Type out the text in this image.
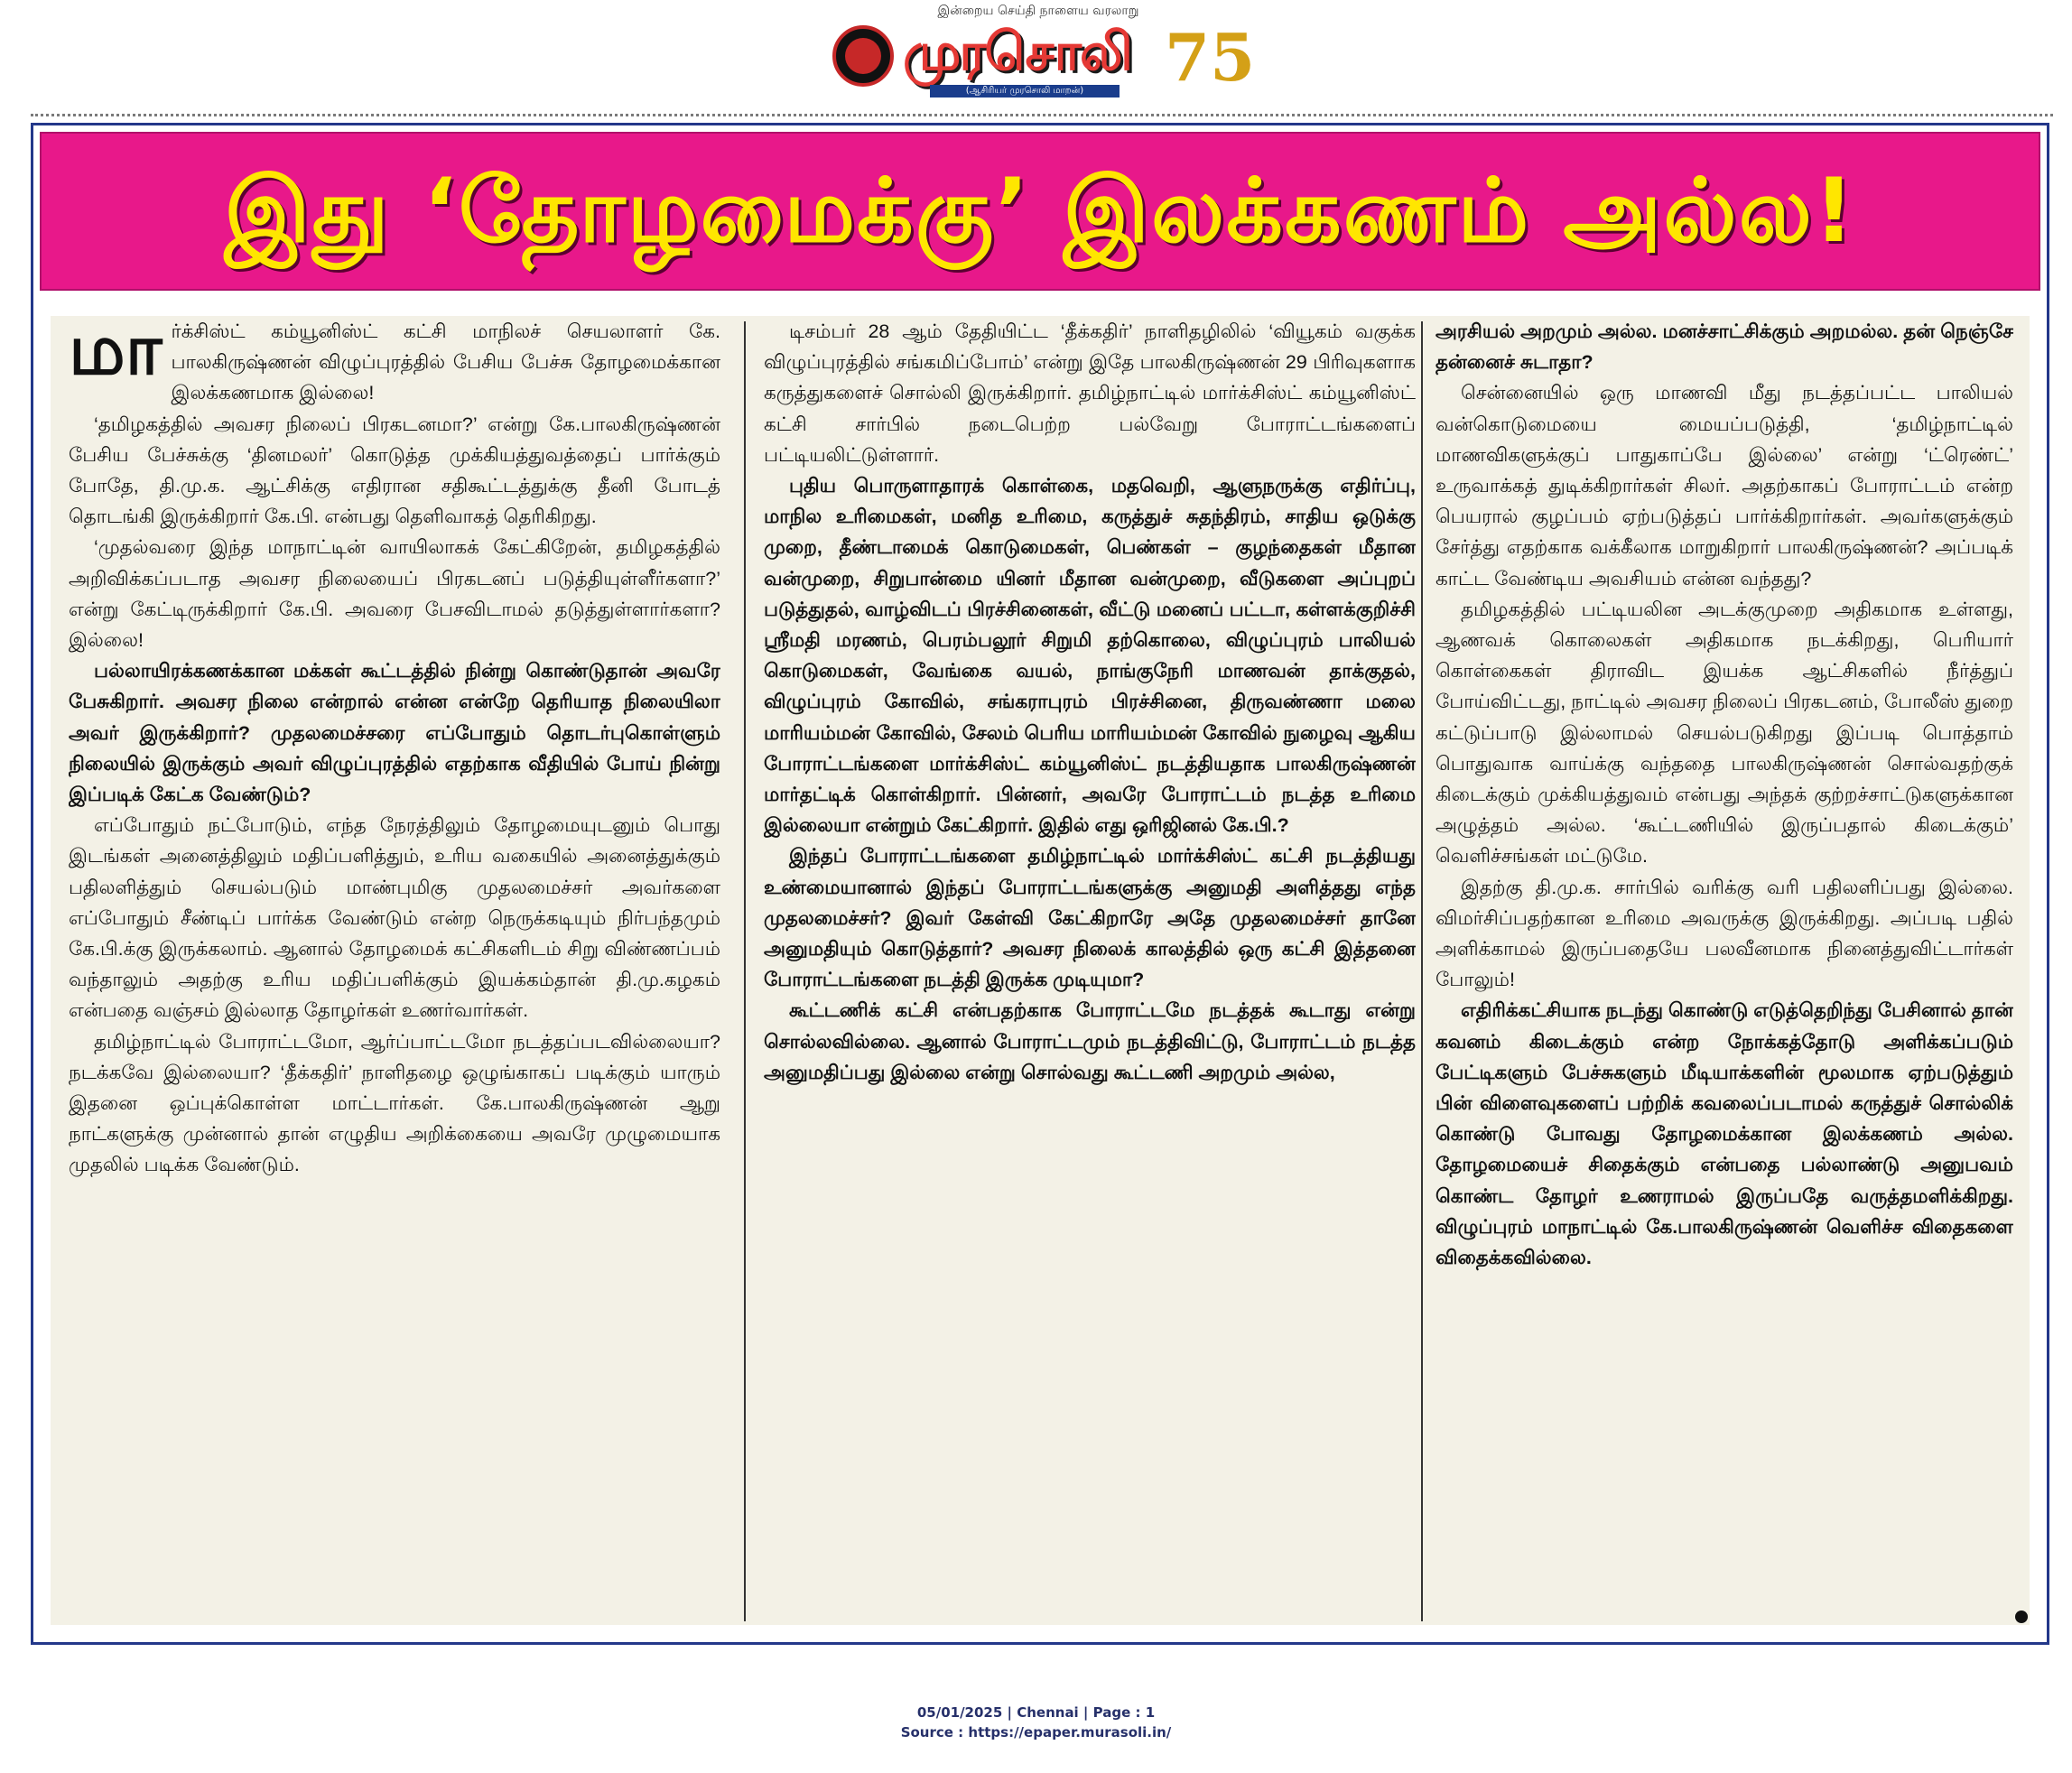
இன்றைய செய்தி நாளைய வரலாறு
முரசொலி
(ஆசிரியர் முரசொலி மாறன்)	75
இது ‘தோழமைக்கு’ இலக்கணம் அல்ல!

மார்க்சிஸ்ட் கம்யூனிஸ்ட் கட்சி மாநிலச் செயலாளர் கே. பாலகிருஷ்ணன் விழுப்புரத்தில் பேசிய பேச்சு தோழமைக்கான இலக்கணமாக இல்லை!

‘தமிழகத்தில் அவசர நிலைப் பிரகடனமா?’ என்று கே.பாலகிருஷ்ணன் பேசிய பேச்சுக்கு ‘தினமலர்’ கொடுத்த முக்கியத்துவத்தைப் பார்க்கும் போதே, தி.மு.க. ஆட்சிக்கு எதிரான சதிகூட்டத்துக்கு தீனி போடத் தொடங்கி இருக்கிறார் கே.பி. என்பது தெளிவாகத் தெரிகிறது.

‘முதல்வரை இந்த மாநாட்டின் வாயிலாகக் கேட்கிறேன், தமிழகத்தில் அறிவிக்கப்படாத அவசர நிலையைப் பிரகடனப் படுத்தியுள்ளீர்களா?’ என்று கேட்டிருக்கிறார் கே.பி. அவரை பேசவிடாமல் தடுத்துள்ளார்களா? இல்லை!

பல்லாயிரக்கணக்கான மக்கள் கூட்டத்தில் நின்று கொண்டுதான் அவரே பேசுகிறார். அவசர நிலை என்றால் என்ன என்றே தெரியாத நிலையிலா அவர் இருக்கிறார்? முதலமைச்சரை எப்போதும் தொடர்புகொள்ளும் நிலையில் இருக்கும் அவர் விழுப்புரத்தில் எதற்காக வீதியில் போய் நின்று இப்படிக் கேட்க வேண்டும்?

எப்போதும் நட்போடும், எந்த நேரத்திலும் தோழமையுடனும் பொது இடங்கள் அனைத்திலும் மதிப்பளித்தும், உரிய வகையில் அனைத்துக்கும் பதிலளித்தும் செயல்படும் மாண்புமிகு முதலமைச்சர் அவர்களை எப்போதும் சீண்டிப் பார்க்க வேண்டும் என்ற நெருக்கடியும் நிர்பந்தமும் கே.பி.க்கு இருக்கலாம். ஆனால் தோழமைக் கட்சிகளிடம் சிறு விண்ணப்பம் வந்தாலும் அதற்கு உரிய மதிப்பளிக்கும் இயக்கம்தான் தி.மு.கழகம் என்பதை வஞ்சம் இல்லாத தோழர்கள் உணர்வார்கள்.

தமிழ்நாட்டில் போராட்டமோ, ஆர்ப்பாட்டமோ நடத்தப்படவில்லையா? நடக்கவே இல்லையா? ‘தீக்கதிர்’ நாளிதழை ஒழுங்காகப் படிக்கும் யாரும் இதனை ஒப்புக்கொள்ள மாட்டார்கள். கே.பாலகிருஷ்ணன் ஆறு நாட்களுக்கு முன்னால் தான் எழுதிய அறிக்கையை அவரே முழுமையாக முதலில் படிக்க வேண்டும்.

டிசம்பர் 28 ஆம் தேதியிட்ட ‘தீக்கதிர்’ நாளிதழிலில் ‘வியூகம் வகுக்க விழுப்புரத்தில் சங்கமிப்போம்’ என்று இதே பாலகிருஷ்ணன் 29 பிரிவுகளாக கருத்துகளைச் சொல்லி இருக்கிறார். தமிழ்நாட்டில் மார்க்சிஸ்ட் கம்யூனிஸ்ட் கட்சி சார்பில் நடைபெற்ற பல்வேறு போராட்டங்களைப் பட்டியலிட்டுள்ளார்.

புதிய பொருளாதாரக் கொள்கை, மதவெறி, ஆளுநருக்கு எதிர்ப்பு, மாநில உரிமைகள், மனித உரிமை, கருத்துச் சுதந்திரம், சாதிய ஒடுக்கு முறை, தீண்டாமைக் கொடுமைகள், பெண்கள் – குழந்தைகள் மீதான வன்முறை, சிறுபான்மை யினர் மீதான வன்முறை, வீடுகளை அப்புறப் படுத்துதல், வாழ்விடப் பிரச்சினைகள், வீட்டு மனைப் பட்டா, கள்ளக்குறிச்சி ஸ்ரீமதி மரணம், பெரம்பலூர் சிறுமி தற்கொலை, விழுப்புரம் பாலியல் கொடுமைகள், வேங்கை வயல், நாங்குநேரி மாணவன் தாக்குதல், விழுப்புரம் கோவில், சங்கராபுரம் பிரச்சினை, திருவண்ணா மலை மாரியம்மன் கோவில், சேலம் பெரிய மாரியம்மன் கோவில் நுழைவு ஆகிய போராட்டங்களை மார்க்சிஸ்ட் கம்யூனிஸ்ட் நடத்தியதாக பாலகிருஷ்ணன் மார்தட்டிக் கொள்கிறார். பின்னர், அவரே போராட்டம் நடத்த உரிமை இல்லையா என்றும் கேட்கிறார். இதில் எது ஒரிஜினல் கே.பி.?

இந்தப் போராட்டங்களை தமிழ்நாட்டில் மார்க்சிஸ்ட் கட்சி நடத்தியது உண்மையானால் இந்தப் போராட்டங்களுக்கு அனுமதி அளித்தது எந்த முதலமைச்சர்? இவர் கேள்வி கேட்கிறாரே அதே முதலமைச்சர் தானே அனுமதியும் கொடுத்தார்? அவசர நிலைக் காலத்தில் ஒரு கட்சி இத்தனை போராட்டங்களை நடத்தி இருக்க முடியுமா?

கூட்டணிக் கட்சி என்பதற்காக போராட்டமே நடத்தக் கூடாது என்று சொல்லவில்லை. ஆனால் போராட்டமும் நடத்திவிட்டு, போராட்டம் நடத்த அனுமதிப்பது இல்லை என்று சொல்வது கூட்டணி அறமும் அல்ல,

அரசியல் அறமும் அல்ல. மனச்சாட்சிக்கும் அறமல்ல. தன் நெஞ்சே தன்னைச் சுடாதா?

சென்னையில் ஒரு மாணவி மீது நடத்தப்பட்ட பாலியல் வன்கொடுமையை மையப்படுத்தி, ‘தமிழ்நாட்டில் மாணவிகளுக்குப் பாதுகாப்பே இல்லை’ என்று ‘ட்ரெண்ட்’ உருவாக்கத் துடிக்கிறார்கள் சிலர். அதற்காகப் போராட்டம் என்ற பெயரால் குழப்பம் ஏற்படுத்தப் பார்க்கிறார்கள். அவர்களுக்கும் சேர்த்து எதற்காக வக்கீலாக மாறுகிறார் பாலகிருஷ்ணன்? அப்படிக் காட்ட வேண்டிய அவசியம் என்ன வந்தது?

தமிழகத்தில் பட்டியலின அடக்குமுறை அதிகமாக உள்ளது, ஆணவக் கொலைகள் அதிகமாக நடக்கிறது, பெரியார் கொள்கைகள் திராவிட இயக்க ஆட்சிகளில் நீர்த்துப் போய்விட்டது, நாட்டில் அவசர நிலைப் பிரகடனம், போலீஸ் துறை கட்டுப்பாடு இல்லாமல் செயல்படுகிறது இப்படி பொத்தாம் பொதுவாக வாய்க்கு வந்ததை பாலகிருஷ்ணன் சொல்வதற்குக் கிடைக்கும் முக்கியத்துவம் என்பது அந்தக் குற்றச்சாட்டுகளுக்கான அழுத்தம் அல்ல. ‘கூட்டணியில் இருப்பதால் கிடைக்கும்’ வெளிச்சங்கள் மட்டுமே.

இதற்கு தி.மு.க. சார்பில் வரிக்கு வரி பதிலளிப்பது இல்லை. விமர்சிப்பதற்கான உரிமை அவருக்கு இருக்கிறது. அப்படி பதில் அளிக்காமல் இருப்பதையே பலவீனமாக நினைத்துவிட்டார்கள் போலும்!

எதிரிக்கட்சியாக நடந்து கொண்டு எடுத்தெறிந்து பேசினால் தான் கவனம் கிடைக்கும் என்ற நோக்கத்தோடு அளிக்கப்படும் பேட்டிகளும் பேச்சுகளும் மீடியாக்களின் மூலமாக ஏற்படுத்தும் பின் விளைவுகளைப் பற்றிக் கவலைப்படாமல் கருத்துச் சொல்லிக் கொண்டு போவது தோழமைக்கான இலக்கணம் அல்ல. தோழமையைச் சிதைக்கும் என்பதை பல்லாண்டு அனுபவம் கொண்ட தோழர் உணராமல் இருப்பதே வருத்தமளிக்கிறது. விழுப்புரம் மாநாட்டில் கே.பாலகிருஷ்ணன் வெளிச்ச விதைகளை விதைக்கவில்லை.

05/01/2025 | Chennai | Page : 1
Source : https://epaper.murasoli.in/
